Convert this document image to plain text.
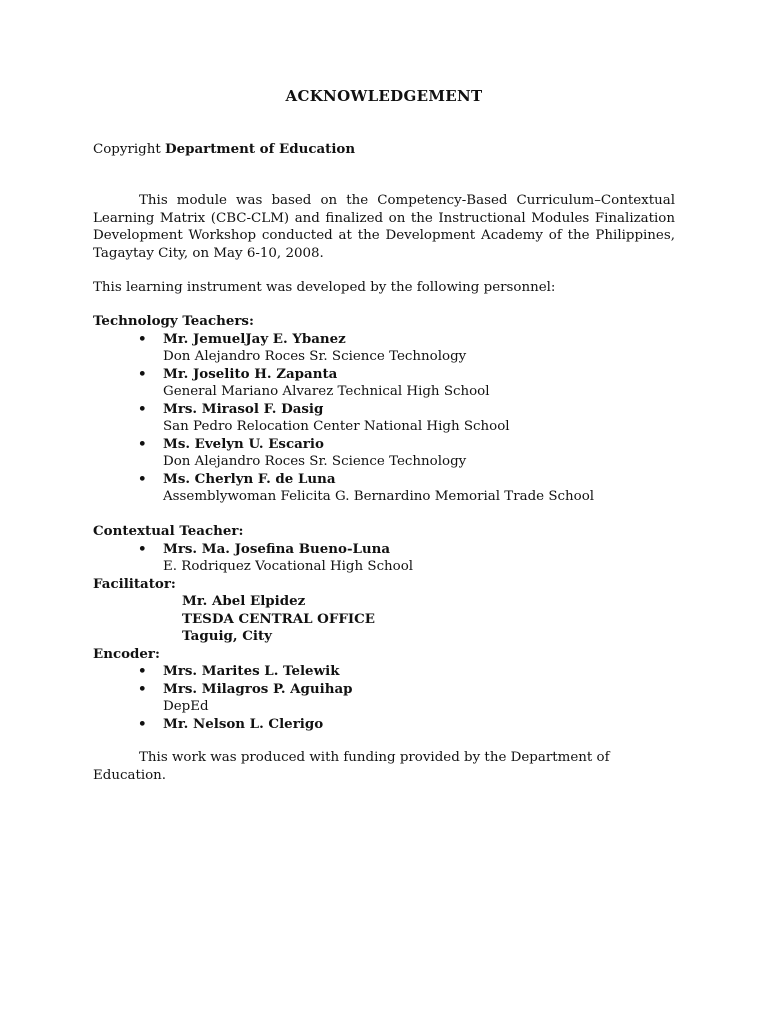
ACKNOWLEDGEMENT
Copyright Department of Education
This module was based on the Competency-Based Curriculum–Contextual Learning Matrix (CBC-CLM) and finalized on the Instructional Modules Finalization Development Workshop conducted at the Development Academy of the Philippines, Tagaytay City, on May 6-10, 2008.
This learning instrument was developed by the following personnel:
Technology Teachers:
• Mr. JemuelJay E. Ybanez
Don Alejandro Roces Sr. Science Technology
• Mr. Joselito H. Zapanta
General Mariano Alvarez Technical High School
• Mrs. Mirasol F. Dasig
San Pedro Relocation Center National High School
• Ms. Evelyn U. Escario
Don Alejandro Roces Sr. Science Technology
• Ms. Cherlyn F. de Luna
Assemblywoman Felicita G. Bernardino Memorial Trade School
Contextual Teacher:
• Mrs. Ma. Josefina Bueno-Luna
E. Rodriquez Vocational High School
Facilitator:
Mr. Abel Elpidez
TESDA CENTRAL OFFICE
Taguig, City
Encoder:
• Mrs. Marites L. Telewik
• Mrs. Milagros P. Aguihap
DepEd
• Mr. Nelson L. Clerigo
This work was produced with funding provided by the Department of Education.
